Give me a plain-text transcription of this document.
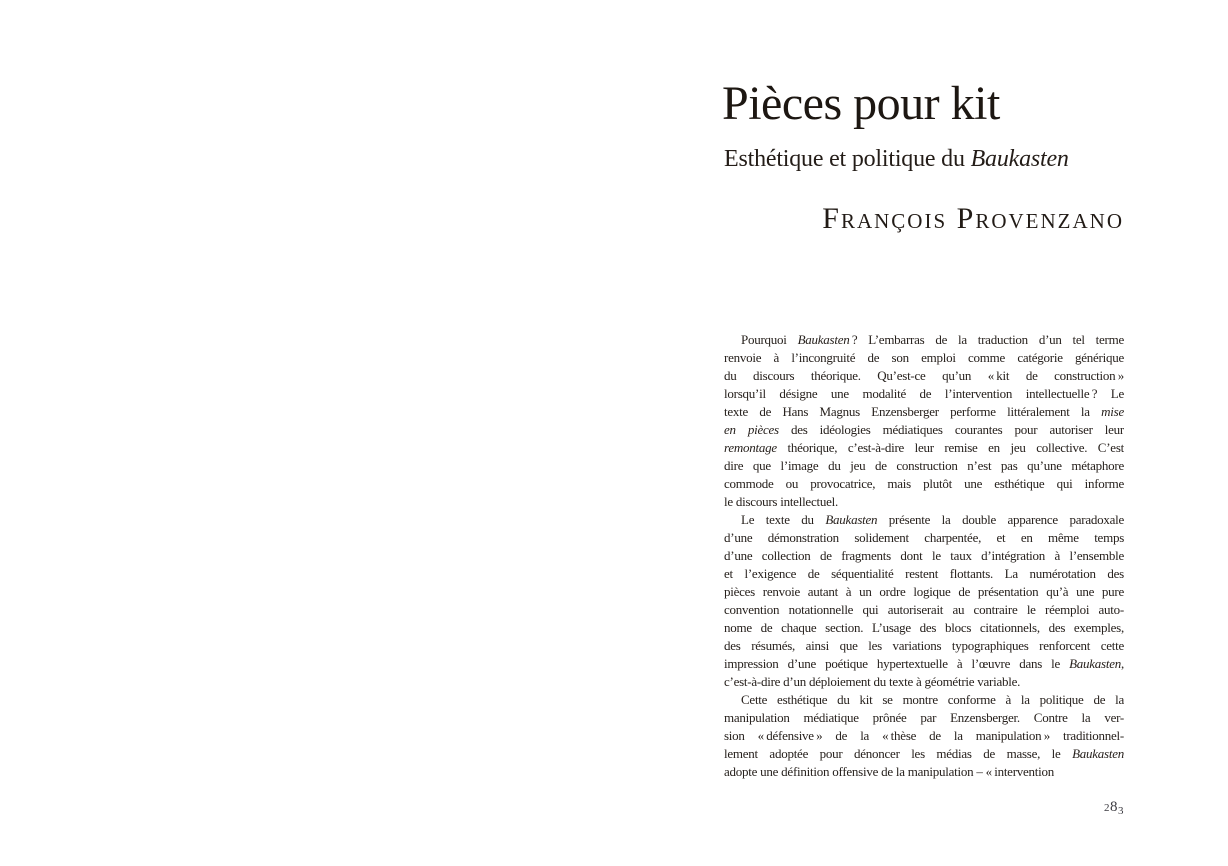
Pièces pour kit
Esthétique et politique du Baukasten
François Provenzano
Pourquoi Baukasten ? L’embarras de la traduction d’un tel terme
renvoie à l’incongruité de son emploi comme catégorie générique
du discours théorique. Qu’est-ce qu’un « kit de construction »
lorsqu’il désigne une modalité de l’intervention intellectuelle ? Le
texte de Hans Magnus Enzensberger performe littéralement la mise
en pièces des idéologies médiatiques courantes pour autoriser leur
remontage théorique, c’est-à-dire leur remise en jeu collective. C’est
dire que l’image du jeu de construction n’est pas qu’une métaphore
commode ou provocatrice, mais plutôt une esthétique qui informe
le discours intellectuel.
Le texte du Baukasten présente la double apparence paradoxale
d’une démonstration solidement charpentée, et en même temps
d’une collection de fragments dont le taux d’intégration à l’ensemble
et l’exigence de séquentialité restent flottants. La numérotation des
pièces renvoie autant à un ordre logique de présentation qu’à une pure
convention notationnelle qui autoriserait au contraire le réemploi auto-
nome de chaque section. L’usage des blocs citationnels, des exemples,
des résumés, ainsi que les variations typographiques renforcent cette
impression d’une poétique hypertextuelle à l’œuvre dans le Baukasten,
c’est-à-dire d’un déploiement du texte à géométrie variable.
Cette esthétique du kit se montre conforme à la politique de la
manipulation médiatique prônée par Enzensberger. Contre la ver-
sion « défensive » de la « thèse de la manipulation » traditionnel-
lement adoptée pour dénoncer les médias de masse, le Baukasten
adopte une définition offensive de la manipulation – « intervention
283
